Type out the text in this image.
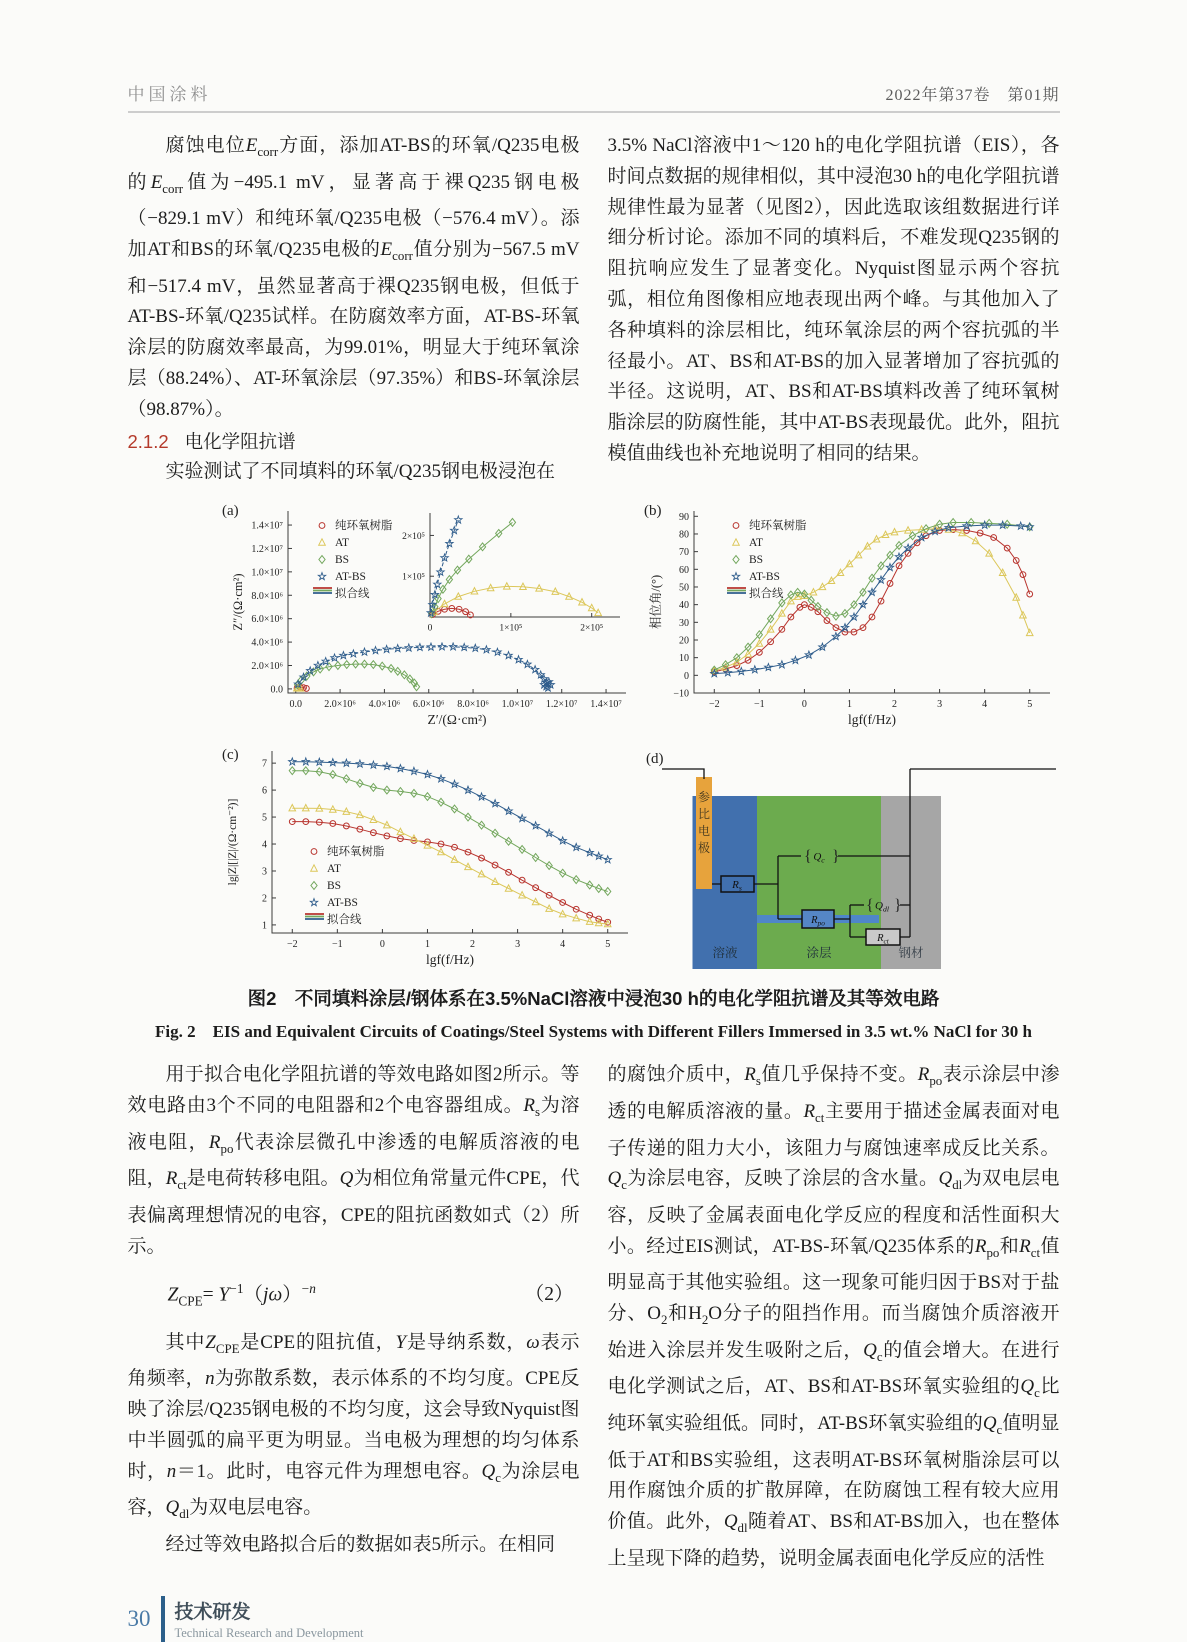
中国涂料	2022年第37卷　第01期

腐蚀电位$E_{corr}$方面，添加AT-BS的环氧/Q235电极的$E_{corr}$值为−495.1 mV，显著高于裸Q235钢电极（−829.1 mV）和纯环氧/Q235电极（−576.4 mV）。添加AT和BS的环氧/Q235电极的$E_{corr}$值分别为−567.5 mV和−517.4 mV，虽然显著高于裸Q235钢电极，但低于AT-BS-环氧/Q235试样。在防腐效率方面，AT-BS-环氧涂层的防腐效率最高，为99.01%，明显大于纯环氧涂层（88.24%）、AT-环氧涂层（97.35%）和BS-环氧涂层（98.87%）。

2.1.2 电化学阻抗谱

实验测试了不同填料的环氧/Q235钢电极浸泡在

3.5% NaCl溶液中1～120 h的电化学阻抗谱（EIS），各时间点数据的规律相似，其中浸泡30 h的电化学阻抗谱规律性最为显著（见图2），因此选取该组数据进行详细分析讨论。添加不同的填料后，不难发现Q235钢的阻抗响应发生了显著变化。Nyquist图显示两个容抗弧，相位角图像相应地表现出两个峰。与其他加入了各种填料的涂层相比，纯环氧涂层的两个容抗弧的半径最小。AT、BS和AT-BS的加入显著增加了容抗弧的半径。这说明，AT、BS和AT-BS填料改善了纯环氧树脂涂层的防腐性能，其中AT-BS表现最优。此外，阻抗模值曲线也补充地说明了相同的结果。

(a)
0.0 2.0×10⁶ 4.0×10⁶ 6.0×10⁶ 8.0×10⁶ 1.0×10⁷ 1.2×10⁷ 1.4×10⁷
0.0
2.0×10⁶
4.0×10⁶
6.0×10⁶
8.0×10⁶
1.0×10⁷
1.2×10⁷
1.4×10⁷
Z′/(Ω·cm²)
Z″/(Ω·cm²)
纯环氧树脂
AT
BS
AT-BS
拟合线
0	1×10⁵	2×10⁵
1×10⁵
2×10⁵
(b)
−2	−1	0	1	2	3	4	5
−10
0
10
20
30
40
50
60
70
80
90
lgf(f/Hz)
相位角/(°)
纯环氧树脂
AT
BS
AT-BS
拟合线
(c)
−2	−1	0	1	2	3	4	5
1
2
3
4
5
6
7
lgf(f/Hz)
lg|Z|[|Z|/(Ω·cm⁻²)]	纯环氧树脂
AT
BS
AT-BS
拟合线
(d)
参
比
电
极
$R_s$
$R_{po}$
$R_{ct}$
{ $Q_c$ }
{ $Q_{dl}$ }
溶液	涂层	钢材
图2　不同填料涂层/钢体系在3.5%NaCl溶液中浸泡30 h的电化学阻抗谱及其等效电路
Fig. 2　EIS and Equivalent Circuits of Coatings/Steel Systems with Different Fillers Immersed in 3.5 wt.% NaCl for 30 h

用于拟合电化学阻抗谱的等效电路如图2所示。等效电路由3个不同的电阻器和2个电容器组成。$R_s$为溶液电阻，$R_{po}$代表涂层微孔中渗透的电解质溶液的电阻，$R_{ct}$是电荷转移电阻。Q为相位角常量元件CPE，代表偏离理想情况的电容，CPE的阻抗函数如式（2）所示。

$Z_{CPE}= Y^{-1}(j\omega)^{-n}$	（2）

其中$Z_{CPE}$是CPE的阻抗值，Y是导纳系数，ω表示角频率，n为弥散系数，表示体系的不均匀度。CPE反映了涂层/Q235钢电极的不均匀度，这会导致Nyquist图中半圆弧的扁平更为明显。当电极为理想的均匀体系时，n＝1。此时，电容元件为理想电容。$Q_c$为涂层电容，$Q_{dl}$为双电层电容。

经过等效电路拟合后的数据如表5所示。在相同

的腐蚀介质中，$R_s$值几乎保持不变。$R_{po}$表示涂层中渗透的电解质溶液的量。$R_{ct}$主要用于描述金属表面对电子传递的阻力大小，该阻力与腐蚀速率成反比关系。$Q_c$为涂层电容，反映了涂层的含水量。$Q_{dl}$为双电层电容，反映了金属表面电化学反应的程度和活性面积大小。经过EIS测试，AT-BS-环氧/Q235体系的$R_{po}$和$R_{ct}$值明显高于其他实验组。这一现象可能归因于BS对于盐分、$O_2$和$H_2O$分子的阻挡作用。而当腐蚀介质溶液开始进入涂层并发生吸附之后，$Q_c$的值会增大。在进行电化学测试之后，AT、BS和AT-BS环氧实验组的$Q_c$比纯环氧实验组低。同时，AT-BS环氧实验组的$Q_c$值明显低于AT和BS实验组，这表明AT-BS环氧树脂涂层可以用作腐蚀介质的扩散屏障，在防腐蚀工程有较大应用价值。此外，$Q_{dl}$随着AT、BS和AT-BS加入，也在整体上呈现下降的趋势，说明金属表面电化学反应的活性

30 技术研发
Technical Research and Development
